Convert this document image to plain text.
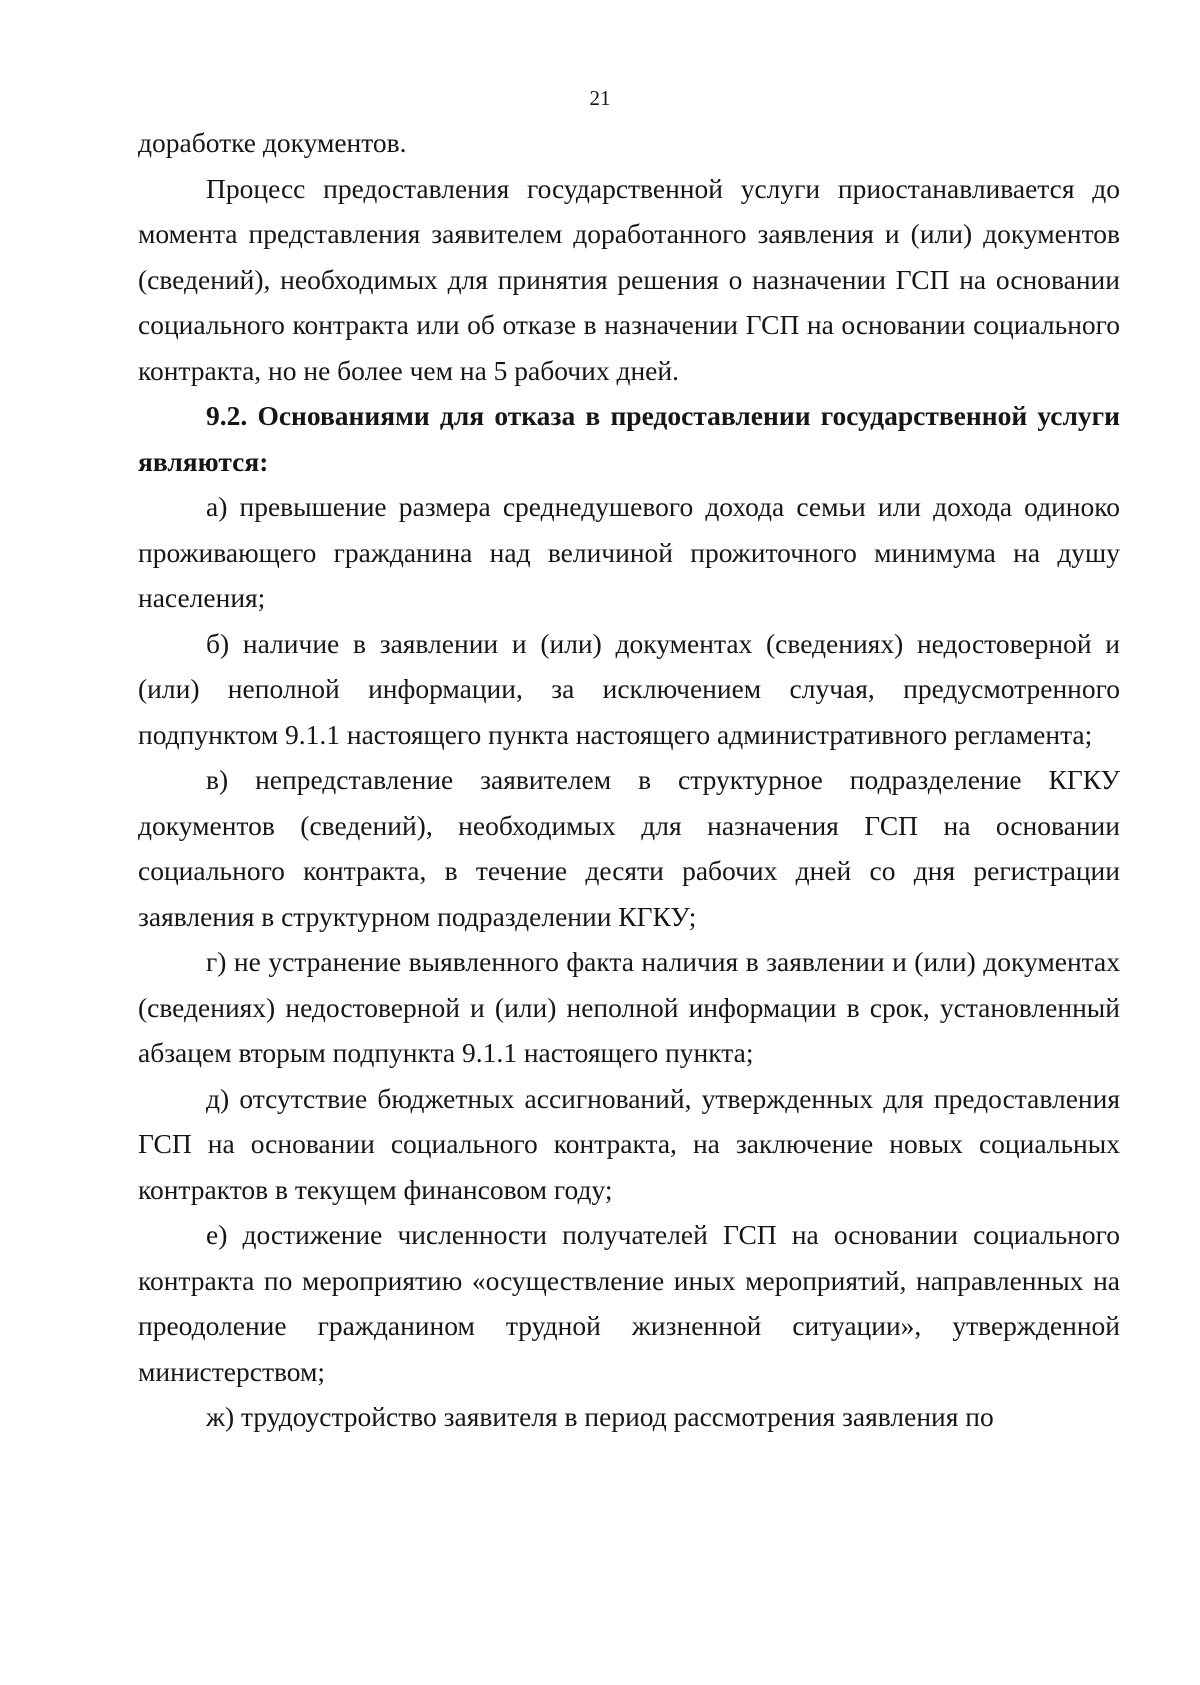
21

доработке документов.

Процесс предоставления государственной услуги приостанавливается до момента представления заявителем доработанного заявления и (или) документов (сведений), необходимых для принятия решения о назначении ГСП на основании социального контракта или об отказе в назначении ГСП на основании социального контракта, но не более чем на 5 рабочих дней.

9.2. Основаниями для отказа в предоставлении государственной услуги являются:

а) превышение размера среднедушевого дохода семьи или дохода одиноко проживающего гражданина над величиной прожиточного минимума на душу населения;

б) наличие в заявлении и (или) документах (сведениях) недостоверной и (или) неполной информации, за исключением случая, предусмотренного подпунктом 9.1.1 настоящего пункта настоящего административного регламента;

в) непредставление заявителем в структурное подразделение КГКУ документов (сведений), необходимых для назначения ГСП на основании социального контракта, в течение десяти рабочих дней со дня регистрации заявления в структурном подразделении КГКУ;

г) не устранение выявленного факта наличия в заявлении и (или) документах (сведениях) недостоверной и (или) неполной информации в срок, установленный абзацем вторым подпункта 9.1.1 настоящего пункта;

д) отсутствие бюджетных ассигнований, утвержденных для предоставления ГСП на основании социального контракта, на заключение новых социальных контрактов в текущем финансовом году;

е) достижение численности получателей ГСП на основании социального контракта по мероприятию «осуществление иных мероприятий, направленных на преодоление гражданином трудной жизненной ситуации», утвержденной министерством;

ж) трудоустройство заявителя в период рассмотрения заявления по
